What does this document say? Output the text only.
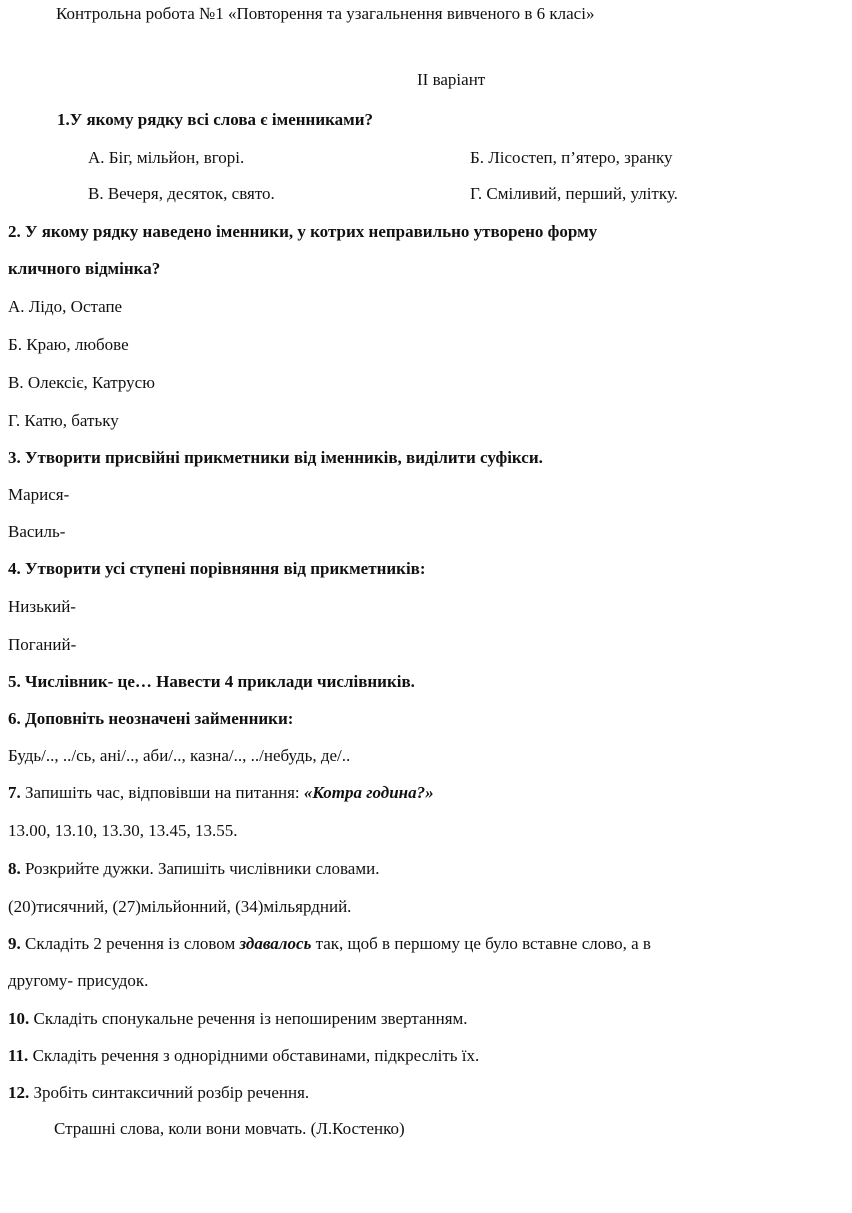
Контрольна робота №1 «Повторення та узагальнення вивченого в 6 класі»
II варіант
1.У якому рядку всі слова є іменниками?
А. Біг, мільйон, вгорі.	Б. Лісостеп, п’ятеро, зранку
В. Вечеря, десяток, свято.	Г. Сміливий, перший, улітку.
2. У якому рядку наведено іменники, у котрих неправильно утворено форму
кличного відмінка?
А. Лідо, Остапе
Б. Краю, любове
В. Олексіє, Катрусю
Г. Катю, батьку
3. Утворити присвійні прикметники від іменників, виділити суфікси.
Марися-
Василь-
4. Утворити усі ступені порівняння від прикметників:
Низький-
Поганий-
5. Числівник- це… Навести 4 приклади числівників.
6. Доповніть неозначені займенники:
Будь/.., ../сь, ані/.., аби/.., казна/.., ../небудь, де/..
7. Запишіть час, відповівши на питання: «Котра година?»
13.00, 13.10, 13.30, 13.45, 13.55.
8. Розкрийте дужки. Запишіть числівники словами.
(20)тисячний, (27)мільйонний, (34)мільярдний.
9. Складіть 2 речення із словом здавалось так, щоб в першому це було вставне слово, а в
другому- присудок.
10. Складіть спонукальне речення із непоширеним звертанням.
11. Складіть речення з однорідними обставинами, підкресліть їх.
12. Зробіть синтаксичний розбір речення.
Страшні слова, коли вони мовчать. (Л.Костенко)
